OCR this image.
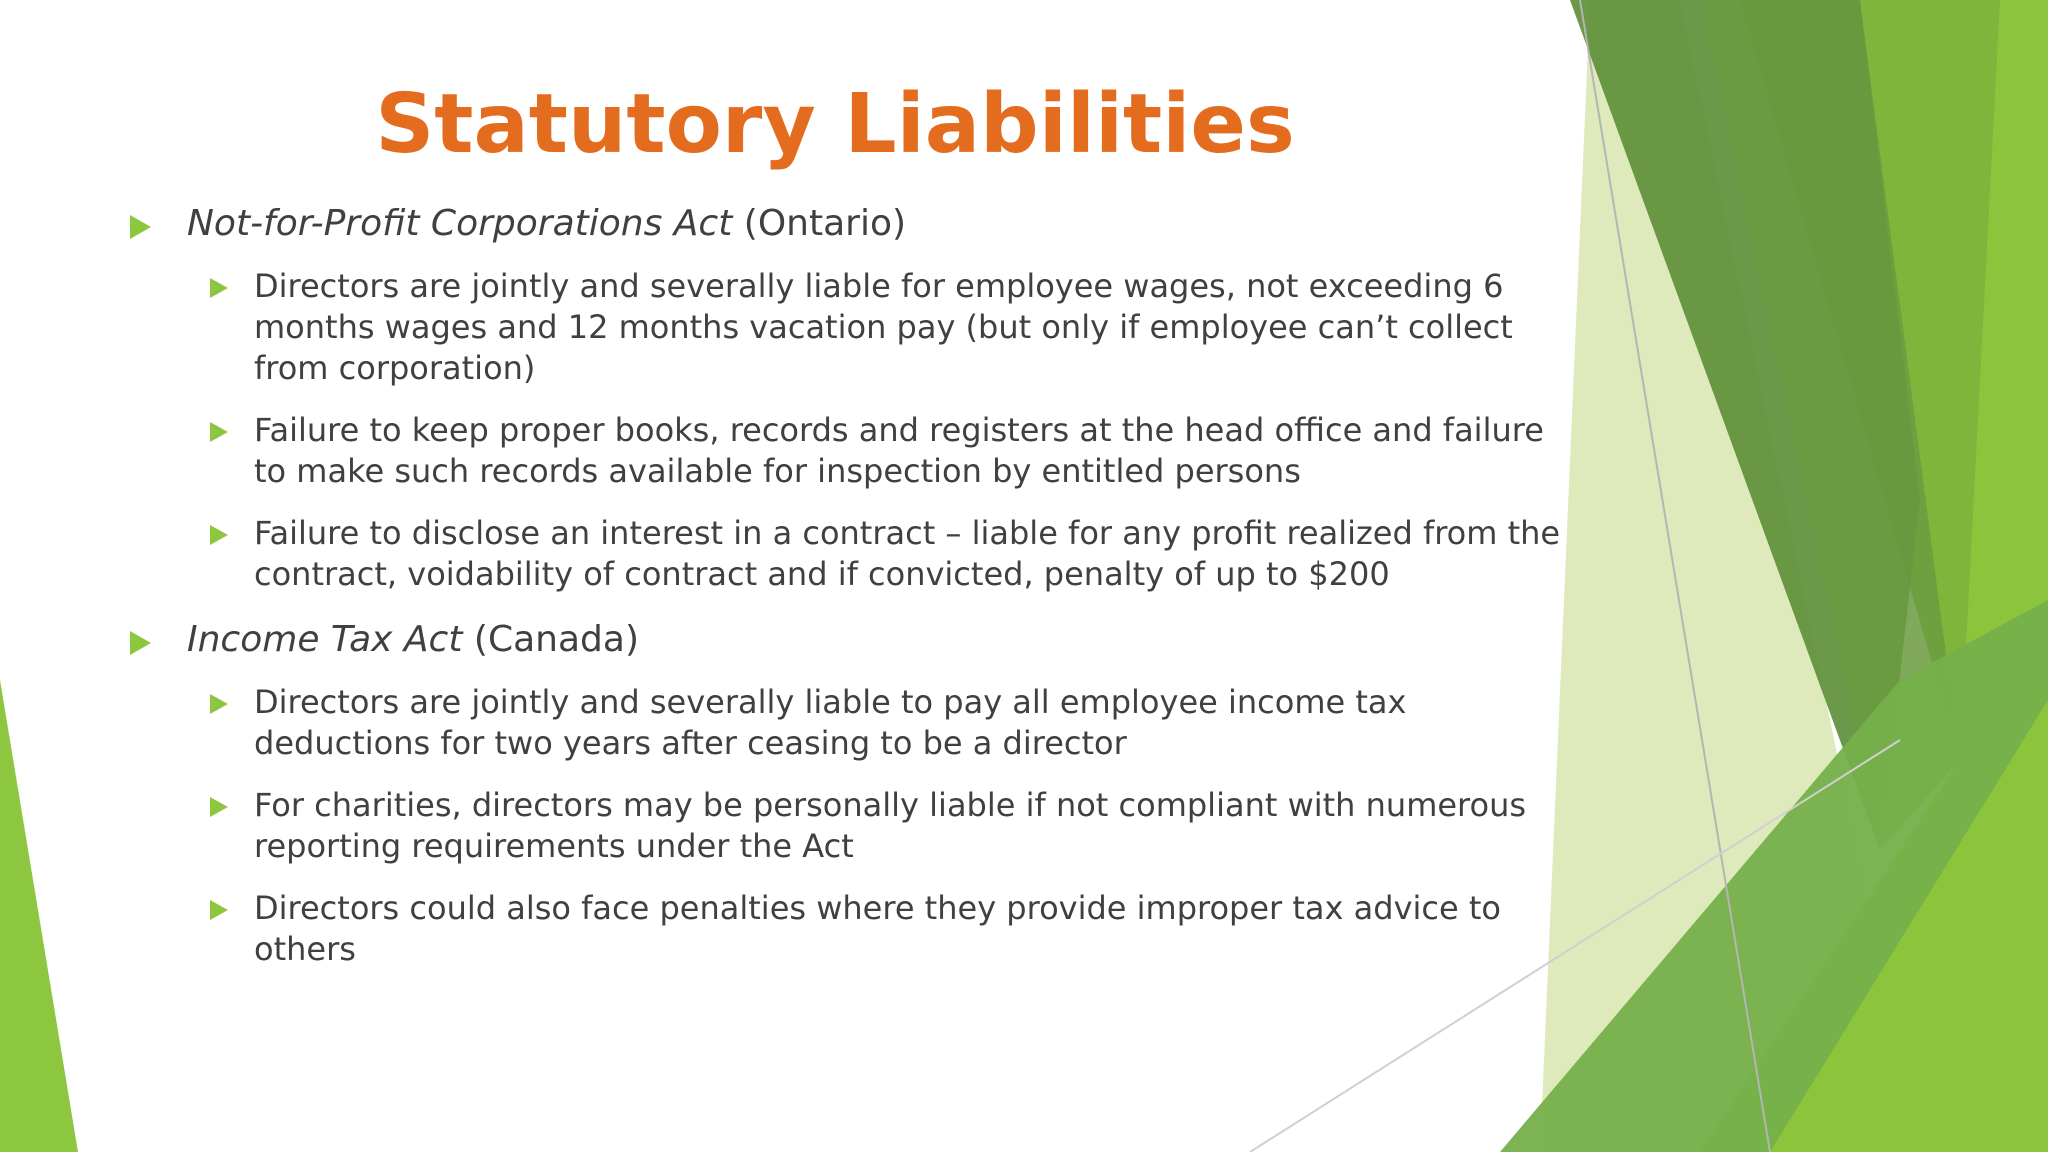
Statutory Liabilities
Not-for-Profit Corporations Act (Ontario)
Directors are jointly and severally liable for employee wages, not exceeding 6 months wages and 12 months vacation pay (but only if employee can’t collect from corporation)
Failure to keep proper books, records and registers at the head office and failure to make such records available for inspection by entitled persons
Failure to disclose an interest in a contract – liable for any profit realized from the contract, voidability of contract and if convicted, penalty of up to $200
Income Tax Act (Canada)
Directors are jointly and severally liable to pay all employee income tax deductions for two years after ceasing to be a director
For charities, directors may be personally liable if not compliant with numerous reporting requirements under the Act
Directors could also face penalties where they provide improper tax advice to others
